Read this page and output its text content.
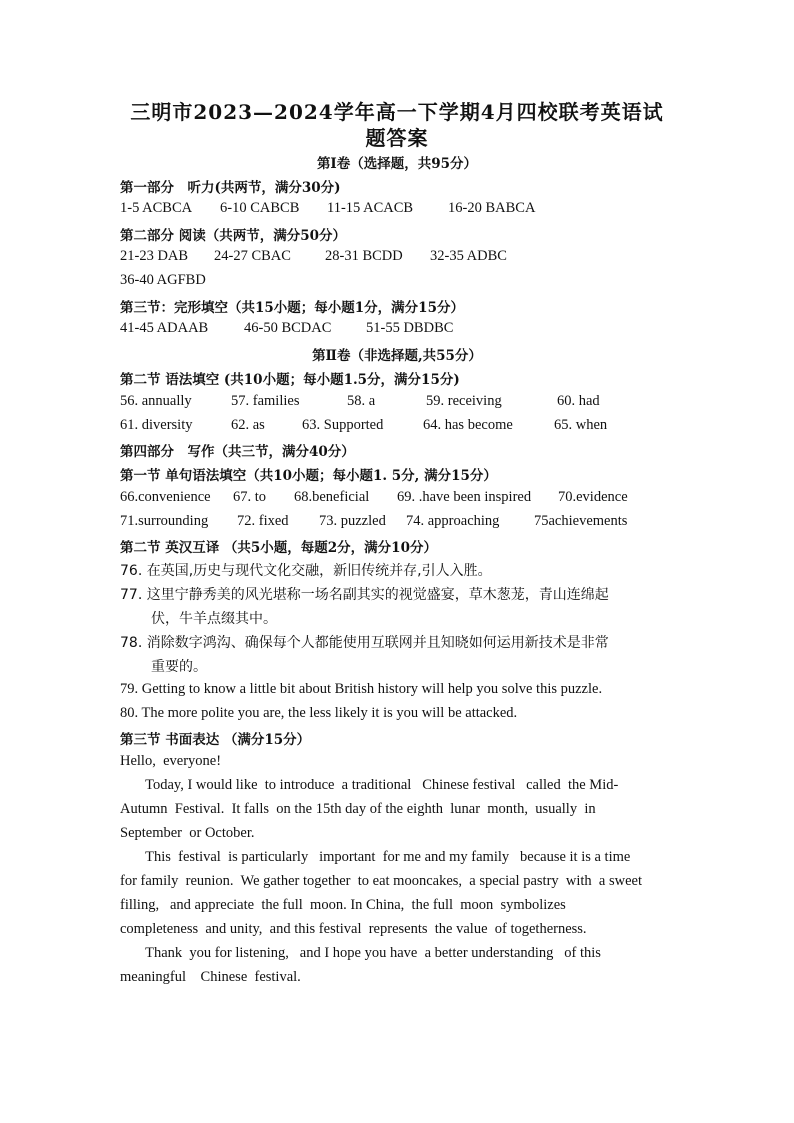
三明市2023—2024学年高一下学期4月四校联考英语试
题答案
第Ⅰ卷（选择题，共95分）
第一部分　听力(共两节，满分30分)
1-5 ACBCA 6-10 CABCB 11-15 ACACB 16-20 BABCA
第二部分 阅读（共两节，满分50分）
21-23 DAB 24-27 CBAC 28-31 BCDD 32-35 ADBC
36-40 AGFBD
第三节：完形填空（共15小题；每小题1分，满分15分）
41-45 ADAAB 46-50 BCDAC 51-55 DBDBC
第Ⅱ卷（非选择题,共55分）
第二节 语法填空 (共10小题；每小题1.5分，满分15分)
56. annually	57. families	58. a	59. receiving	60. had
61. diversity	62. as	63. Supported	64. has become	65. when
第四部分　写作（共三节，满分40分）
第一节 单句语法填空（共10小题；每小题1. 5分, 满分15分）
66.convenience 67. to 68.beneficial 69. .have been inspired 70.evidence
71.surrounding 72. fixed 73. puzzled 74. approaching 75achievements
第二节 英汉互译 （共5小题，每题2分，满分10分）
76. 在英国,历史与现代文化交融，新旧传统并存,引人入胜。
77. 这里宁静秀美的风光堪称一场名副其实的视觉盛宴，草木葱茏，青山连绵起
伏，牛羊点缀其中。
78. 消除数字鸿沟、确保每个人都能使用互联网并且知晓如何运用新技术是非常
重要的。
79. Getting to know a little bit about British history will help you solve this puzzle.
80. The more polite you are, the less likely it is you will be attacked.
第三节 书面表达 （满分15分）
Hello,  everyone!
Today, I would like  to introduce  a traditional   Chinese festival   called  the Mid-
Autumn  Festival.  It falls  on the 15th day of the eighth  lunar  month,  usually  in
September  or October.
This  festival  is particularly   important  for me and my family   because it is a time
for family  reunion.  We gather together  to eat mooncakes,  a special pastry  with  a sweet
filling,   and appreciate  the full  moon. In China,  the full  moon  symbolizes
completeness  and unity,  and this festival  represents  the value  of togetherness.
Thank  you for listening,   and I hope you have  a better understanding   of this
meaningful    Chinese  festival.
